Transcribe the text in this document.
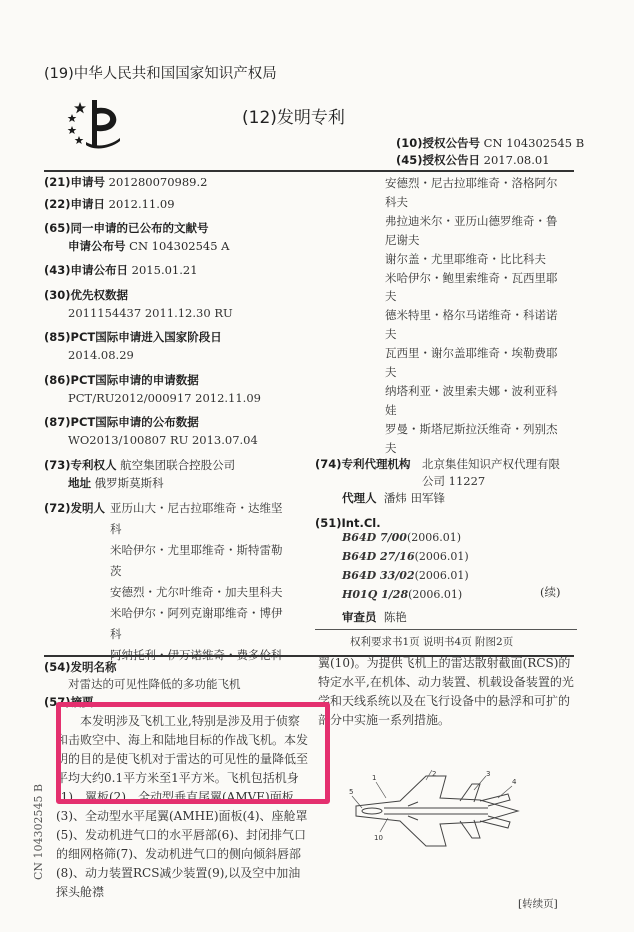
(19)中华人民共和国国家知识产权局
(12)发明专利
(10)授权公告号 CN 104302545 B
(45)授权公告日 2017.08.01
(21)申请号 201280070989.2
(22)申请日 2012.11.09
(65)同一申请的已公布的文献号
申请公布号 CN 104302545 A
(43)申请公布日 2015.01.21
(30)优先权数据
2011154437 2011.12.30 RU
(85)PCT国际申请进入国家阶段日
2014.08.29
(86)PCT国际申请的申请数据
PCT/RU2012/000917 2012.11.09
(87)PCT国际申请的公布数据
WO2013/100807 RU 2013.07.04
(73)专利权人 航空集团联合控股公司
地址 俄罗斯莫斯科
(72)发明人 亚历山大・尼古拉耶维奇・达维坚
科
米哈伊尔・尤里耶维奇・斯特雷勒
茨
安德烈・尤尔叶维奇・加夫里科夫
米哈伊尔・阿列克谢耶维奇・博伊
科
安德烈・尼古拉耶维奇・洛格阿尔
科夫
弗拉迪米尔・亚历山德罗维奇・鲁
尼谢夫
谢尔盖・尤里耶维奇・比比科夫
米哈伊尔・鲍里索维奇・瓦西里耶
夫
德米特里・格尔马诺维奇・科诺诺
夫
瓦西里・谢尔盖耶维奇・埃勒费耶
夫
纳塔利亚・波里索夫娜・波利亚科
娃
罗曼・斯塔尼斯拉沃维奇・列别杰
夫
(74)专利代理机构 北京集佳知识产权代理有限
公司 11227
代理人 潘炜 田军锋
(51)Int.Cl.
B64D 7/00(2006.01)
B64D 27/16(2006.01)
B64D 33/02(2006.01)
H01Q 1/28(2006.01)	(续)
审查员 陈艳
权利要求书1页 说明书4页 附图2页
(54)发明名称
对雷达的可见性降低的多功能飞机
(57)摘要
本发明涉及飞机工业,特别是涉及用于侦察和击败空中、海上和陆地目标的作战飞机。本发明的目的是使飞机对于雷达的可见性的量降低至平均大约0.1平方米至1平方米。飞机包括机身(1)、翼板(2)、全动型垂直尾翼(AMVE)面板(3)、全动型水平尾翼(AMHE)面板(4)、座舱罩(5)、发动机进气口的水平唇部(6)、封闭排气口的细网格筛(7)、发动机进气口的侧向倾斜唇部(8)、动力装置RCS减少装置(9),以及空中加油探头舱襟
翼(10)。为提供飞机上的雷达散射截面(RCS)的特定水平,在机体、动力装置、机载设备装置的光学和天线系统以及在飞行设备中的悬浮和可扩的部分中实施一系列措施。
CN 104302545 B
1	2	3
4
5
10
[转续页]
